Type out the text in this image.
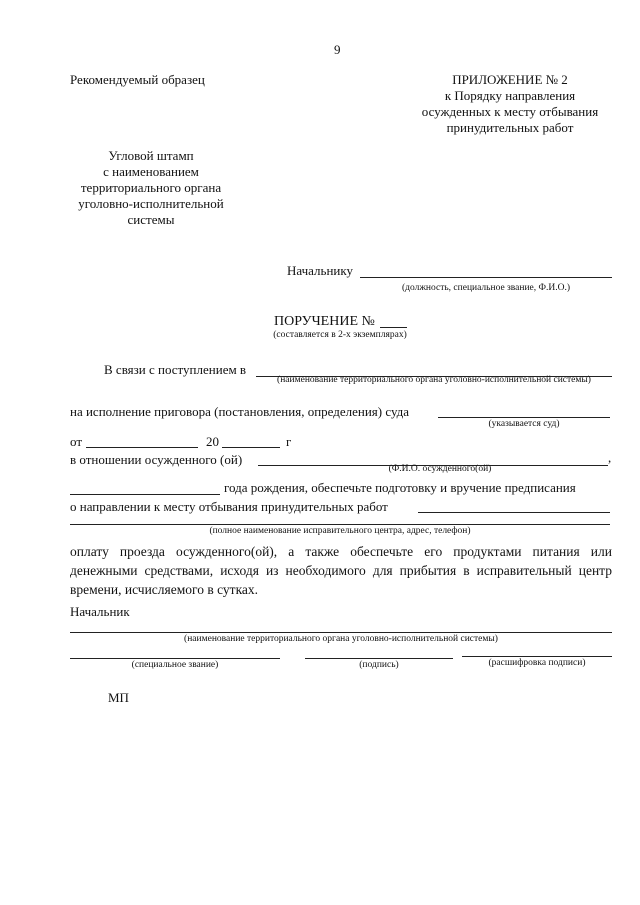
9
Рекомендуемый образец	ПРИЛОЖЕНИЕ № 2
к Порядку направления
осужденных к месту отбывания
принудительных работ
Угловой штамп
с наименованием
территориального органа
уголовно-исполнительной
системы
Начальнику
(должность, специальное звание, Ф.И.О.)
ПОРУЧЕНИЕ №
(составляется в 2-х экземплярах)
В связи с поступлением в
(наименование территориального органа уголовно-исполнительной системы)
на исполнение приговора (постановления, определения) суда
(указывается суд)
от	20	г
в отношении осужденного (ой)	,
(Ф.И.О. осужденного(ой)
года рождения, обеспечьте подготовку и вручение предписания
о направлении к месту отбывания принудительных работ
(полное наименование исправительного центра, адрес, телефон)
оплату проезда осужденного(ой), а также обеспечьте его продуктами питания или
денежными средствами, исходя из необходимого для прибытия в исправительный центр
времени, исчисляемого в сутках.
Начальник
(наименование территориального органа уголовно-исполнительной системы)
(специальное звание)	(подпись)	(расшифровка подписи)
МП
